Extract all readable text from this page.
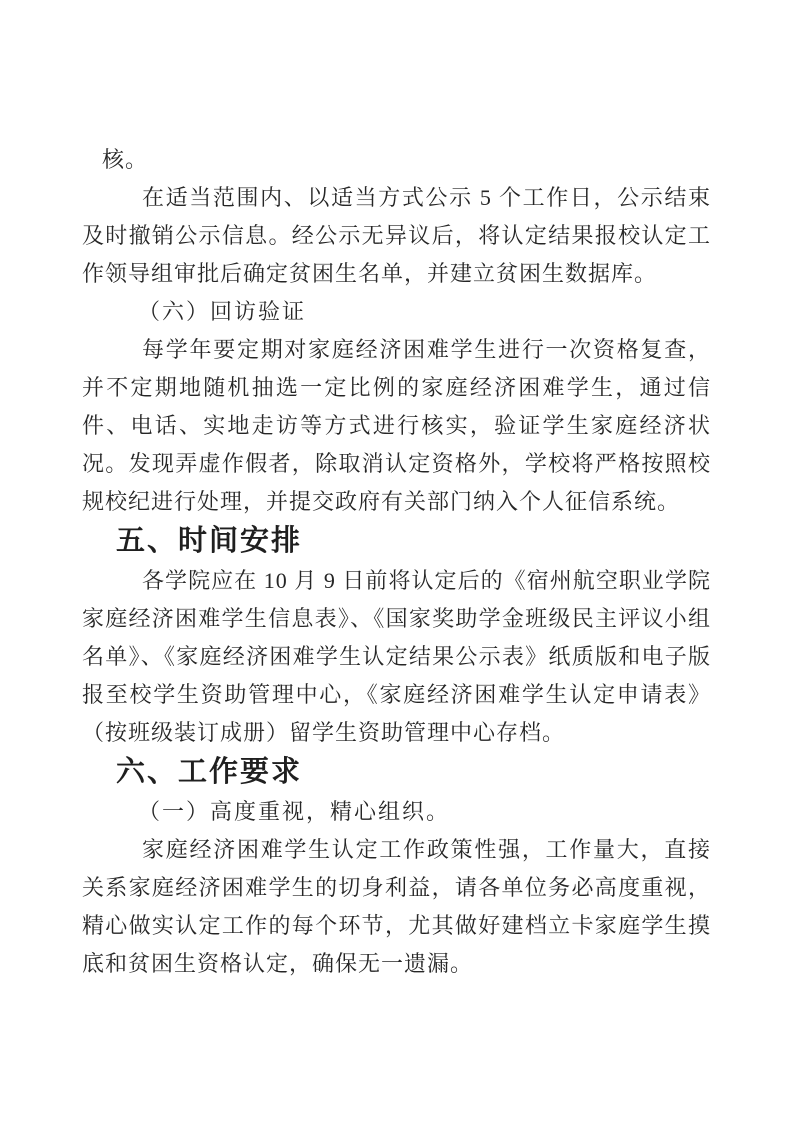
核。

在适当范围内、以适当方式公示 5 个工作日，公示结束及时撤销公示信息。经公示无异议后，将认定结果报校认定工作领导组审批后确定贫困生名单，并建立贫困生数据库。

（六）回访验证

每学年要定期对家庭经济困难学生进行一次资格复查，并不定期地随机抽选一定比例的家庭经济困难学生，通过信件、电话、实地走访等方式进行核实，验证学生家庭经济状况。发现弄虚作假者，除取消认定资格外，学校将严格按照校规校纪进行处理，并提交政府有关部门纳入个人征信系统。

五、时间安排

各学院应在 10 月 9 日前将认定后的《宿州航空职业学院家庭经济困难学生信息表》、《国家奖助学金班级民主评议小组名单》、《家庭经济困难学生认定结果公示表》纸质版和电子版报至校学生资助管理中心，《家庭经济困难学生认定申请表》（按班级装订成册）留学生资助管理中心存档。

六、工作要求

（一）高度重视，精心组织。

家庭经济困难学生认定工作政策性强，工作量大，直接关系家庭经济困难学生的切身利益，请各单位务必高度重视，精心做实认定工作的每个环节，尤其做好建档立卡家庭学生摸底和贫困生资格认定，确保无一遗漏。
